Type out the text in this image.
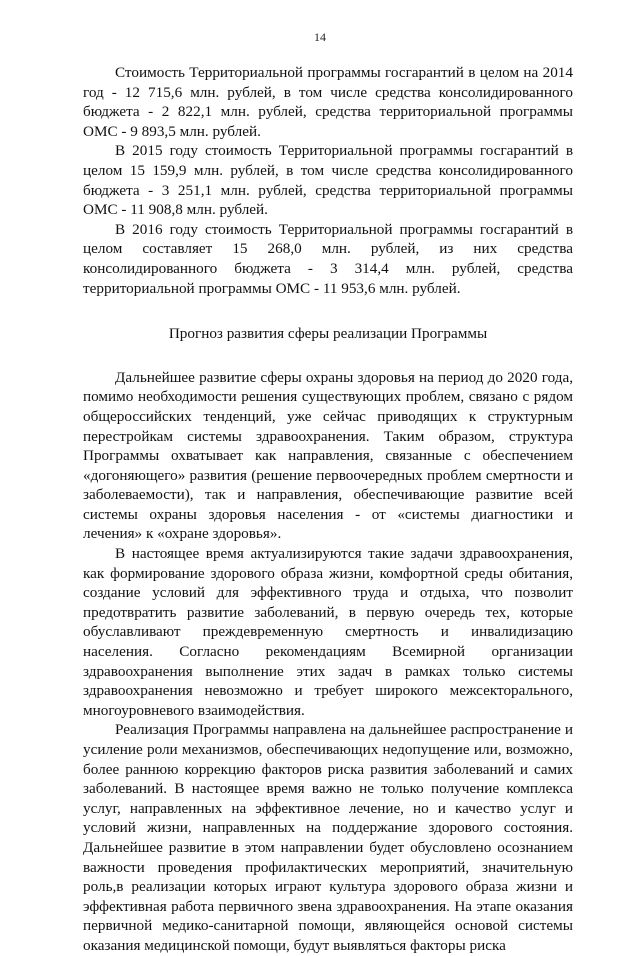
14

Стоимость Территориальной программы госгарантий в целом на 2014 год - 12 715,6 млн. рублей, в том числе средства консолидированного бюджета - 2 822,1 млн. рублей, средства территориальной программы ОМС - 9 893,5 млн. рублей.

В 2015 году стоимость Территориальной программы госгарантий в целом 15 159,9 млн. рублей, в том числе средства консолидированного бюджета - 3 251,1 млн. рублей, средства территориальной программы ОМС - 11 908,8 млн. рублей.

В 2016 году стоимость Территориальной программы госгарантий в целом составляет 15 268,0 млн. рублей, из них средства консолидированного бюджета - 3 314,4 млн. рублей, средства территориальной программы ОМС - 11 953,6 млн. рублей.

Прогноз развития сферы реализации Программы

Дальнейшее развитие сферы охраны здоровья на период до 2020 года, помимо необходимости решения существующих проблем, связано с рядом общероссийских тенденций, уже сейчас приводящих к структурным перестройкам системы здравоохранения. Таким образом, структура Программы охватывает как направления, связанные с обеспечением «догоняющего» развития (решение первоочередных проблем смертности и заболеваемости), так и направления, обеспечивающие развитие всей системы охраны здоровья населения - от «системы диагностики и лечения» к «охране здоровья».

В настоящее время актуализируются такие задачи здравоохранения, как формирование здорового образа жизни, комфортной среды обитания, создание условий для эффективного труда и отдыха, что позволит предотвратить развитие заболеваний, в первую очередь тех, которые обуславливают преждевременную смертность и инвалидизацию населения. Согласно рекомендациям Всемирной организации здравоохранения выполнение этих задач в рамках только системы здравоохранения невозможно и требует широкого межсекторального, многоуровневого взаимодействия.

Реализация Программы направлена на дальнейшее распространение и усиление роли механизмов, обеспечивающих недопущение или, возможно, более раннюю коррекцию факторов риска развития заболеваний и самих заболеваний. В настоящее время важно не только получение комплекса услуг, направленных на эффективное лечение, но и качество услуг и условий жизни, направленных на поддержание здорового состояния. Дальнейшее развитие в этом направлении будет обусловлено осознанием важности проведения профилактических мероприятий, значительную роль,в реализации которых играют культура здорового образа жизни и эффективная работа первичного звена здравоохранения. На этапе оказания первичной медико-санитарной помощи, являющейся основой системы оказания медицинской помощи, будут выявляться факторы риска
